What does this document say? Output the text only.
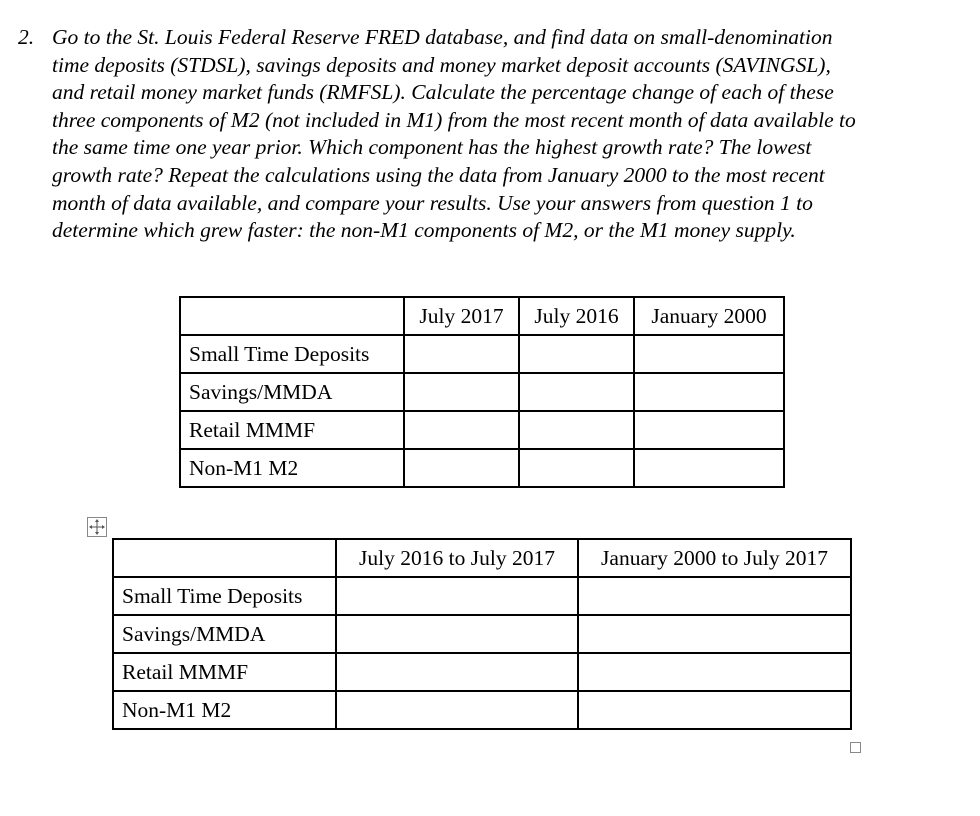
2. Go to the St. Louis Federal Reserve FRED database, and find data on small-denomination
time deposits (STDSL), savings deposits and money market deposit accounts (SAVINGSL),
and retail money market funds (RMFSL). Calculate the percentage change of each of these
three components of M2 (not included in M1) from the most recent month of data available to
the same time one year prior. Which component has the highest growth rate? The lowest
growth rate? Repeat the calculations using the data from January 2000 to the most recent
month of data available, and compare your results. Use your answers from question 1 to
determine which grew faster: the non-M1 components of M2, or the M1 money supply.
	July 2017	July 2016	January 2000
Small Time Deposits			
Savings/MMDA			
Retail MMMF			
Non-M1 M2			
	July 2016 to July 2017	January 2000 to July 2017
Small Time Deposits		
Savings/MMDA		
Retail MMMF		
Non-M1 M2		
